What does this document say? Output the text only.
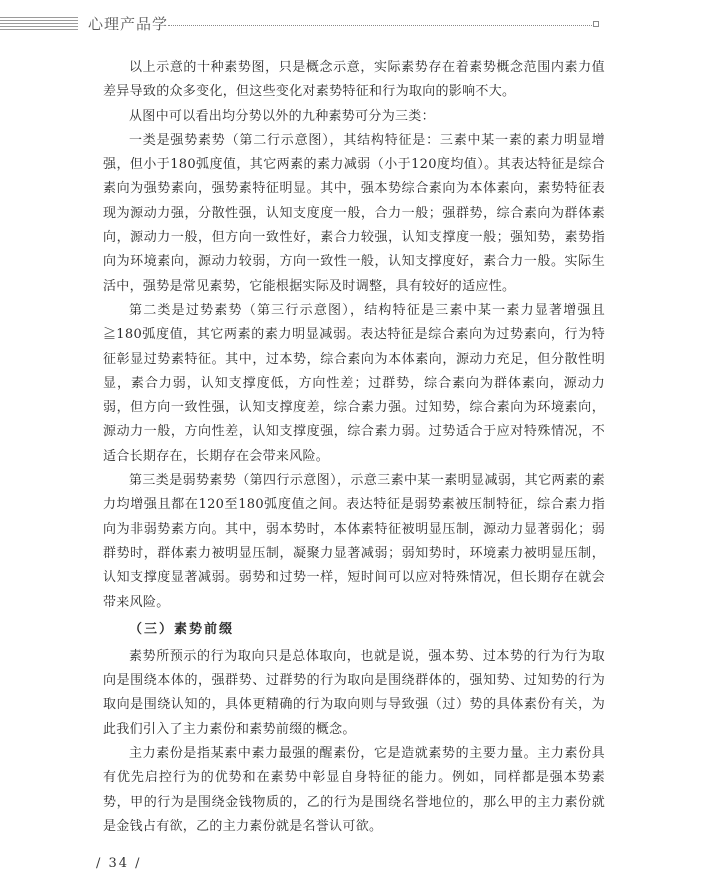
心理产品学

以上示意的十种素势图，只是概念示意，实际素势存在着素势概念范围内素力值差异导致的众多变化，但这些变化对素势特征和行为取向的影响不大。

从图中可以看出均分势以外的九种素势可分为三类：

一类是强势素势（第二行示意图），其结构特征是：三素中某一素的素力明显增强，但小于180弧度值，其它两素的素力减弱（小于120度均值）。其表达特征是综合素向为强势素向，强势素特征明显。其中，强本势综合素向为本体素向，素势特征表现为源动力强，分散性强，认知支度度一般，合力一般；强群势，综合素向为群体素向，源动力一般，但方向一致性好，素合力较强，认知支撑度一般；强知势，素势指向为环境素向，源动力较弱，方向一致性一般，认知支撑度好，素合力一般。实际生活中，强势是常见素势，它能根据实际及时调整，具有较好的适应性。

第二类是过势素势（第三行示意图），结构特征是三素中某一素力显著增强且≧180弧度值，其它两素的素力明显减弱。表达特征是综合素向为过势素向，行为特征彰显过势素特征。其中，过本势，综合素向为本体素向，源动力充足，但分散性明显，素合力弱，认知支撑度低，方向性差；过群势，综合素向为群体素向，源动力弱，但方向一致性强，认知支撑度差，综合素力强。过知势，综合素向为环境素向，源动力一般，方向性差，认知支撑度强，综合素力弱。过势适合于应对特殊情况，不适合长期存在，长期存在会带来风险。

第三类是弱势素势（第四行示意图），示意三素中某一素明显减弱，其它两素的素力均增强且都在120至180弧度值之间。表达特征是弱势素被压制特征，综合素力指向为非弱势素方向。其中，弱本势时，本体素特征被明显压制，源动力显著弱化；弱群势时，群体素力被明显压制，凝聚力显著减弱；弱知势时，环境素力被明显压制，认知支撑度显著减弱。弱势和过势一样，短时间可以应对特殊情况，但长期存在就会带来风险。

（三）素势前缀

素势所预示的行为取向只是总体取向，也就是说，强本势、过本势的行为行为取向是围绕本体的，强群势、过群势的行为取向是围绕群体的，强知势、过知势的行为取向是围绕认知的，具体更精确的行为取向则与导致强（过）势的具体素份有关，为此我们引入了主力素份和素势前缀的概念。

主力素份是指某素中素力最强的醒素份，它是造就素势的主要力量。主力素份具有优先启控行为的优势和在素势中彰显自身特征的能力。例如，同样都是强本势素势，甲的行为是围绕金钱物质的，乙的行为是围绕名誉地位的，那么甲的主力素份就是金钱占有欲，乙的主力素份就是名誉认可欲。

/ 34 /
